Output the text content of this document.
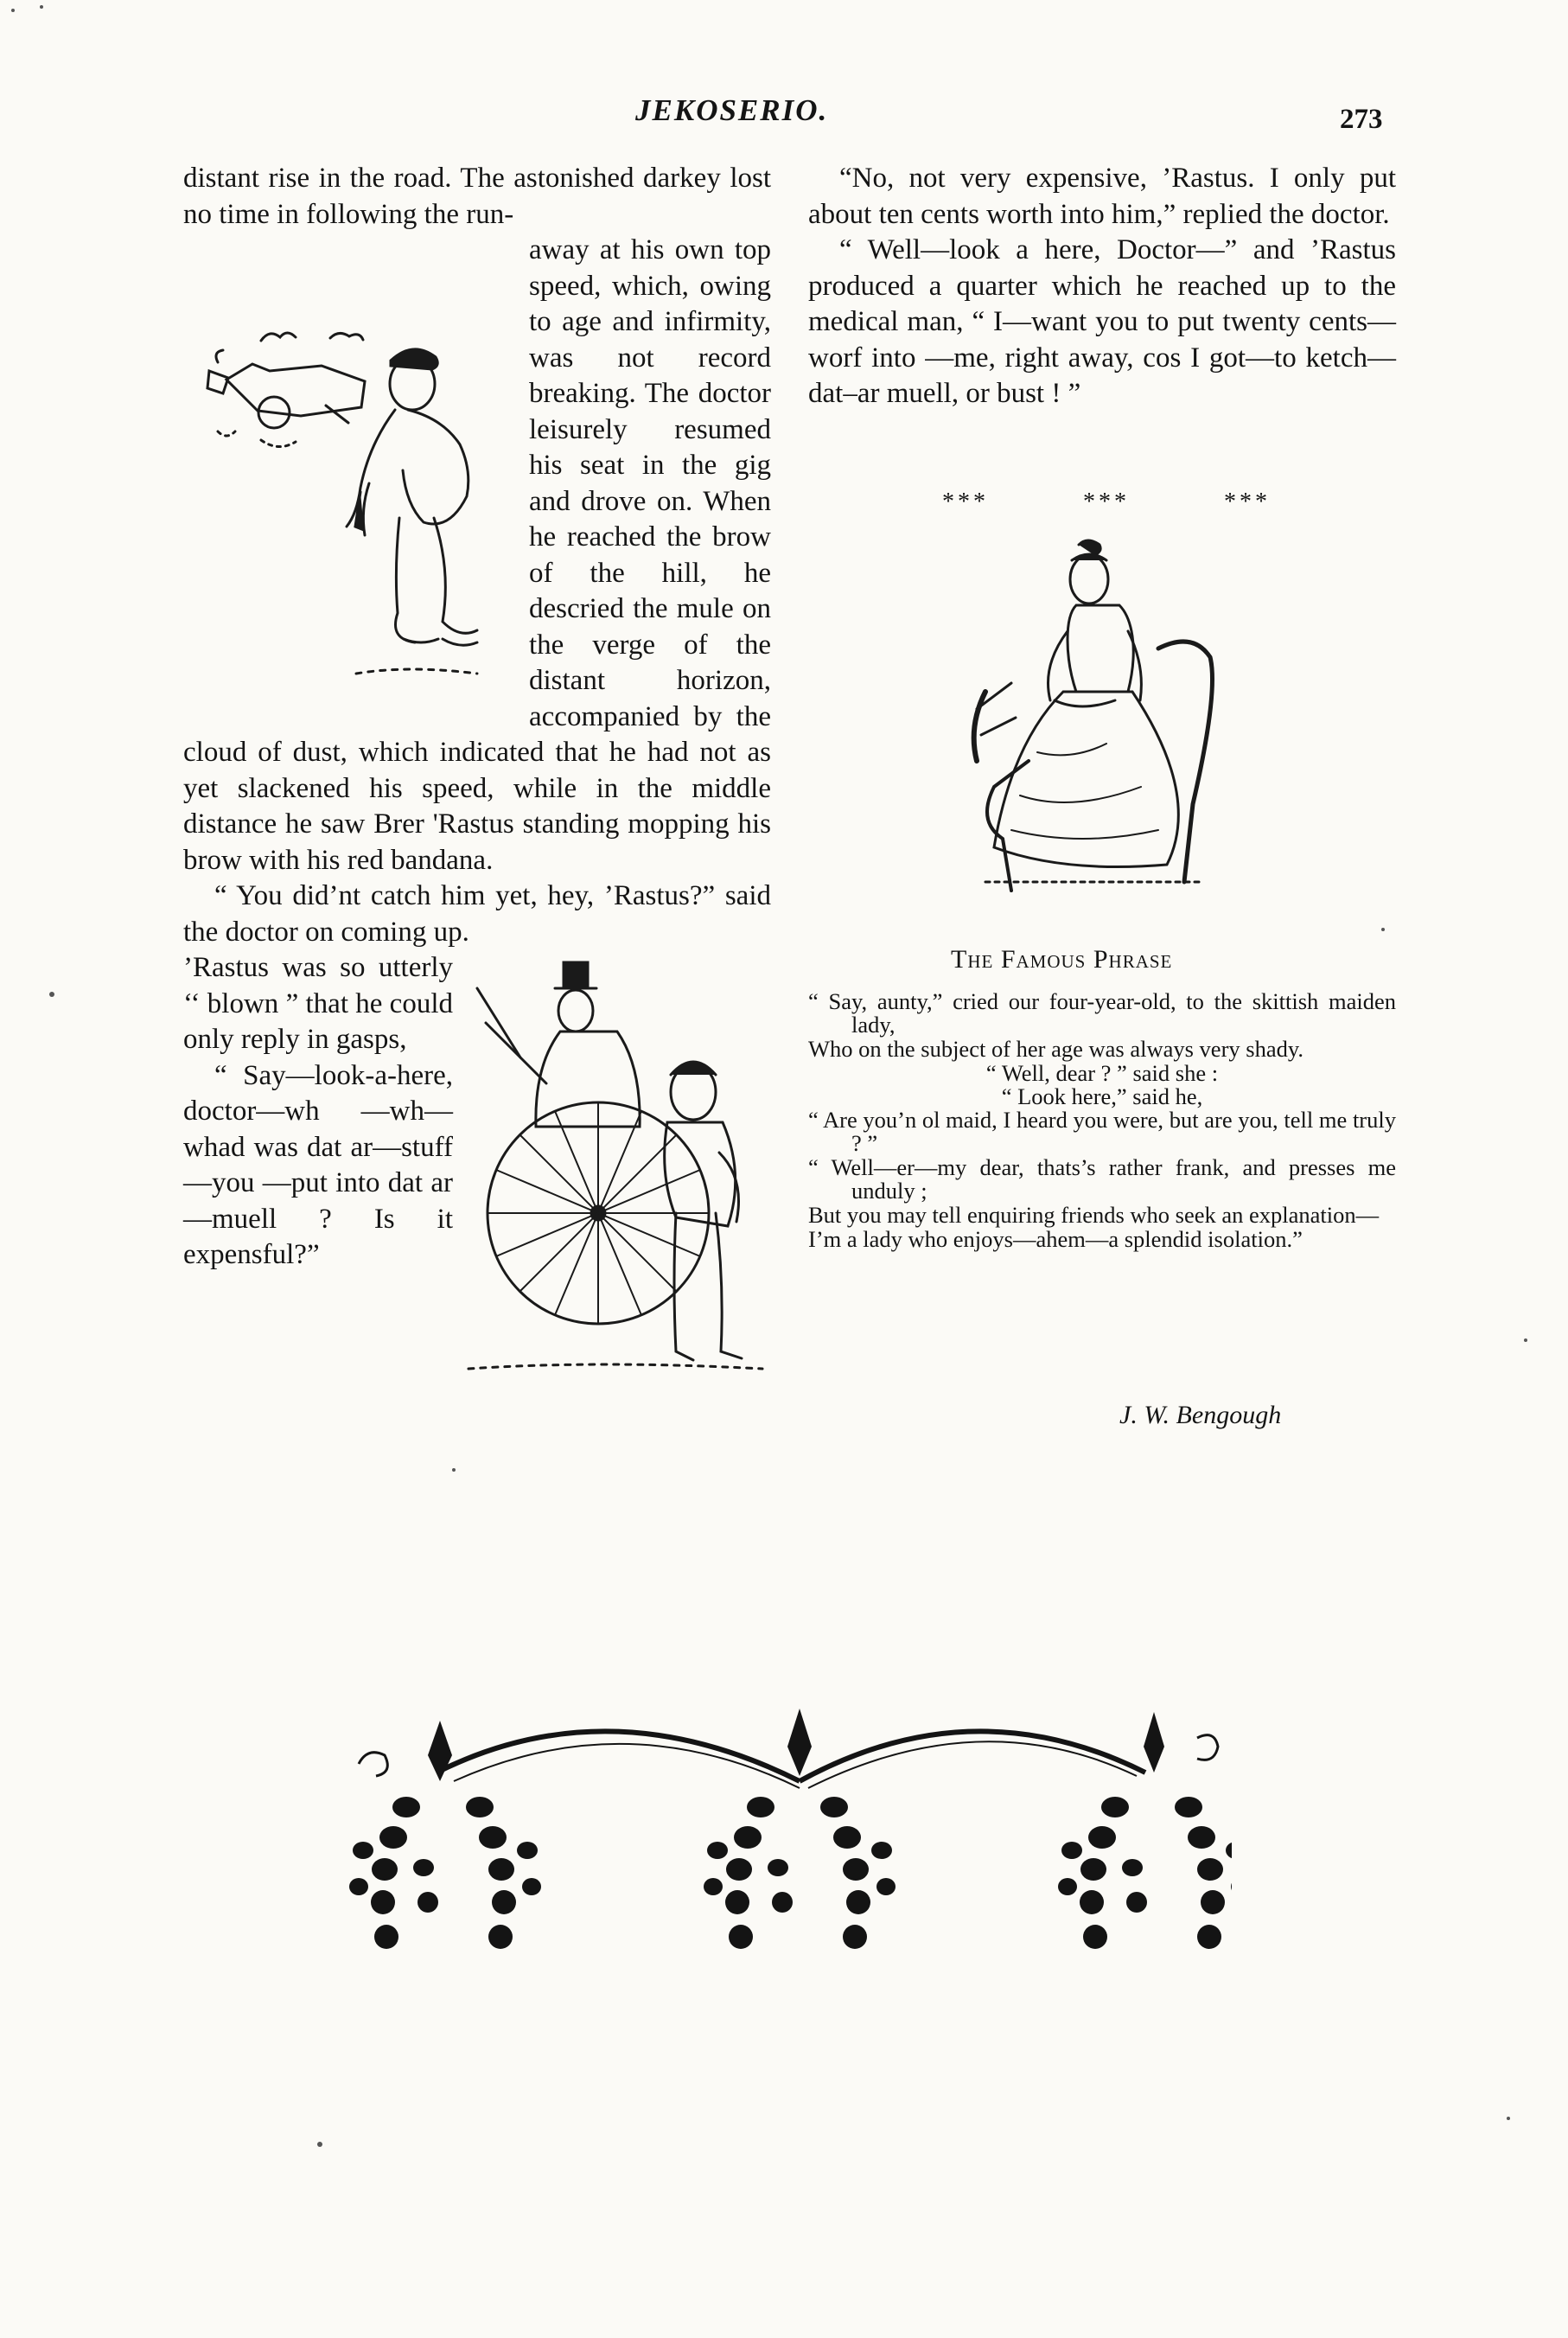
JEKOSERIO.	273

distant rise in the road. The astonished darkey lost no time in following the run-

away at his own top speed, which, owing to age and infirmity, was not record breaking. The doctor leisurely resumed his seat in the gig and drove on. When he reached the brow of the hill, he descried the mule on the verge of the distant horizon, accompanied by the cloud of dust, which indicated that he had not as yet slackened his speed, while in the middle distance he saw Brer 'Rastus standing mopping his brow with his red bandana.

“ You did’nt catch him yet, hey, ’Rastus?” said the doctor on coming up.

’Rastus was so utterly ‘‘ blown ” that he could only reply in gasps,

“ Say—look-a-here, doctor—wh —wh—whad was dat ar—stuff—you —put into dat ar —muell ? Is it expensful?”

“No, not very expensive, ’Rastus. I only put about ten cents worth into him,” replied the doctor.

“ Well—look a here, Doctor—” and ’Rastus produced a quarter which he reached up to the medical man, “ I—want you to put twenty cents—worf into —me, right away, cos I got—to ketch—dat–ar muell, or bust ! ”

***	***	***
The Famous Phrase

“ Say, aunty,” cried our four-year-old, to the skittish maiden lady,

Who on the subject of her age was always very shady.

“ Well, dear ? ” said she :

“ Look here,” said he,

“ Are you’n ol maid, I heard you were, but are you, tell me truly ? ”

“ Well—er—my dear, thats’s rather frank, and presses me unduly ;

But you may tell enquiring friends who seek an explanation—

I’m a lady who enjoys—ahem—a splendid isolation.”

J. W. Bengough
